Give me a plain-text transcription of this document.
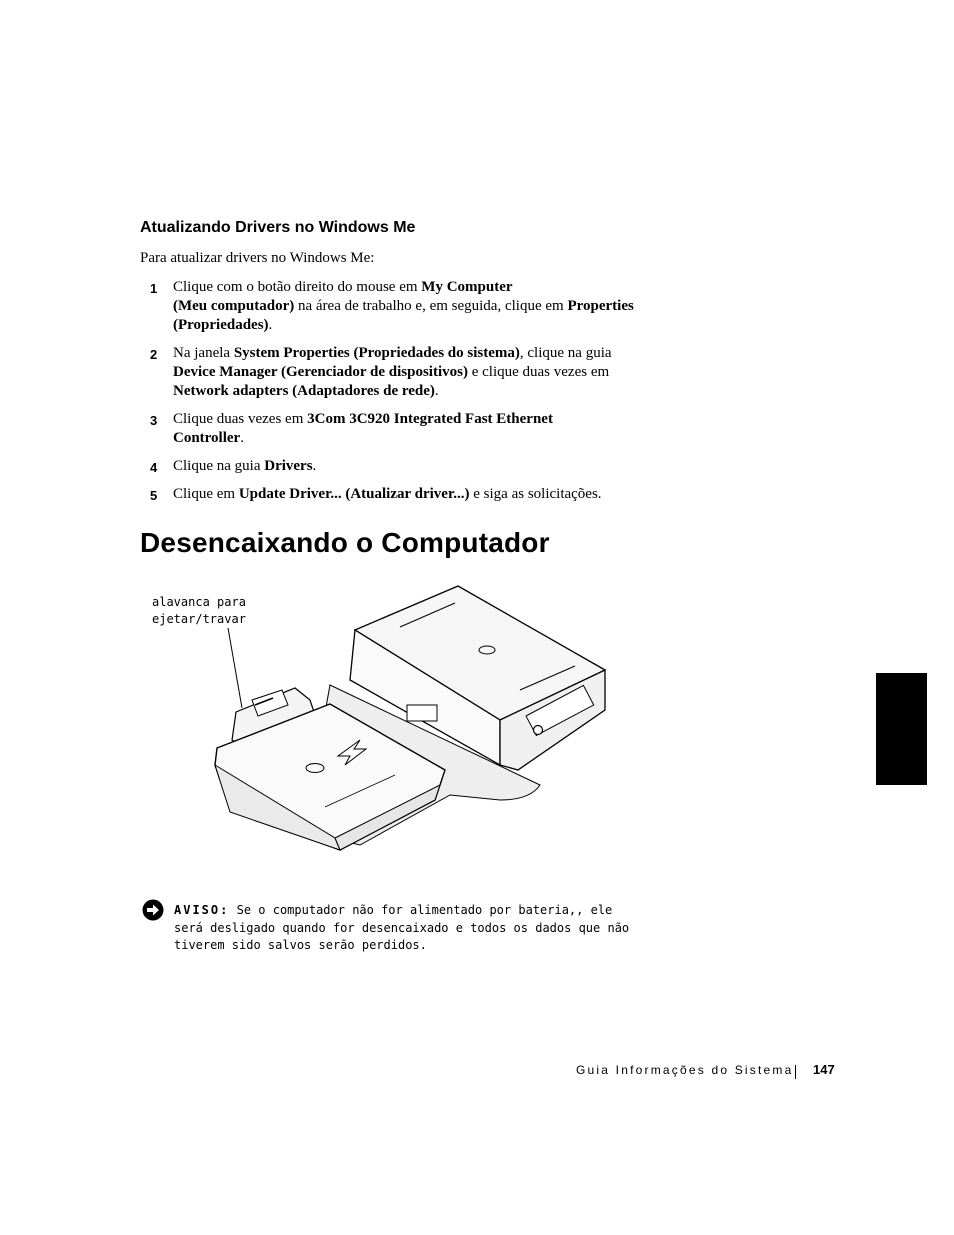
Atualizando Drivers no Windows Me
Para atualizar drivers no Windows Me:
1 Clique com o botão direito do mouse em My Computer
(Meu computador) na área de trabalho e, em seguida, clique em Properties (Propriedades).
2 Na janela System Properties (Propriedades do sistema), clique na guia Device Manager (Gerenciador de dispositivos) e clique duas vezes em Network adapters (Adaptadores de rede).
3 Clique duas vezes em 3Com 3C920 Integrated Fast Ethernet Controller.
4 Clique na guia Drivers.
5 Clique em Update Driver... (Atualizar driver...) e siga as solicitações.
Desencaixando o Computador
alavanca para
ejetar/travar
AVISO: Se o computador não for alimentado por bateria,, ele será desligado quando for desencaixado e todos os dados que não tiverem sido salvos serão perdidos.
Guia Informações do Sistema 147
